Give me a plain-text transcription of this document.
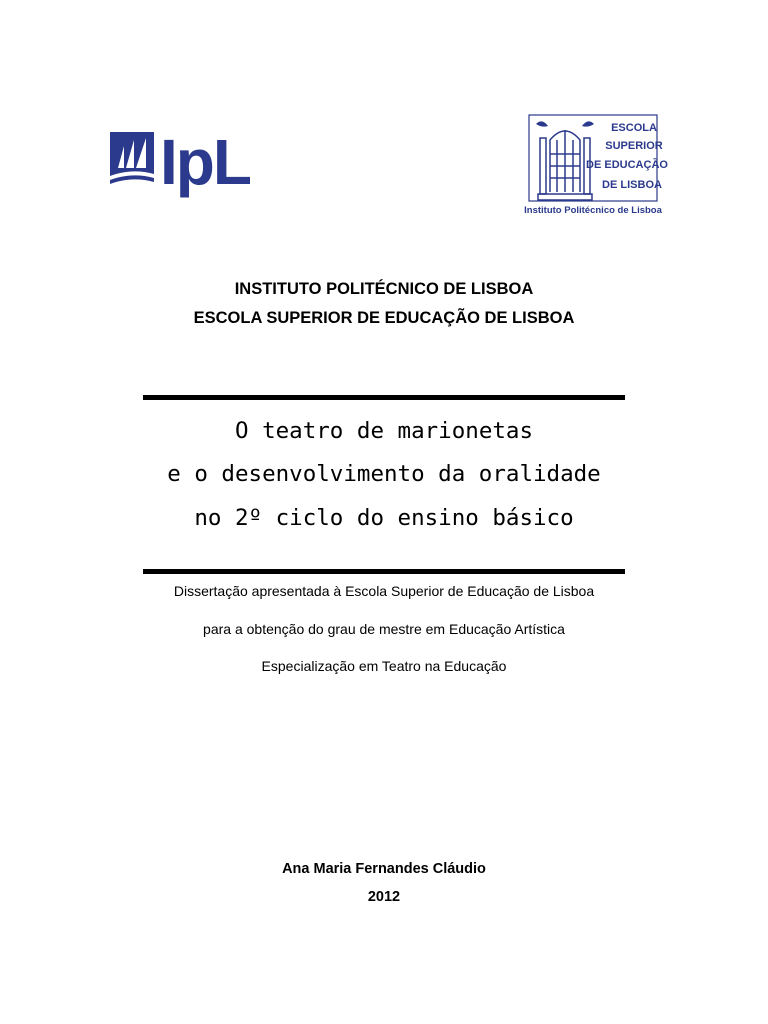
IpL	ESCOLA
SUPERIOR
DE EDUCAÇÃO
DE LISBOA
Instituto Politécnico de Lisboa
INSTITUTO POLITÉCNICO DE LISBOA
ESCOLA SUPERIOR DE EDUCAÇÃO DE LISBOA
O teatro de marionetas
e o desenvolvimento da oralidade
no 2º ciclo do ensino básico
Dissertação apresentada à Escola Superior de Educação de Lisboa
para a obtenção do grau de mestre em Educação Artística
Especialização em Teatro na Educação
Ana Maria Fernandes Cláudio
2012
